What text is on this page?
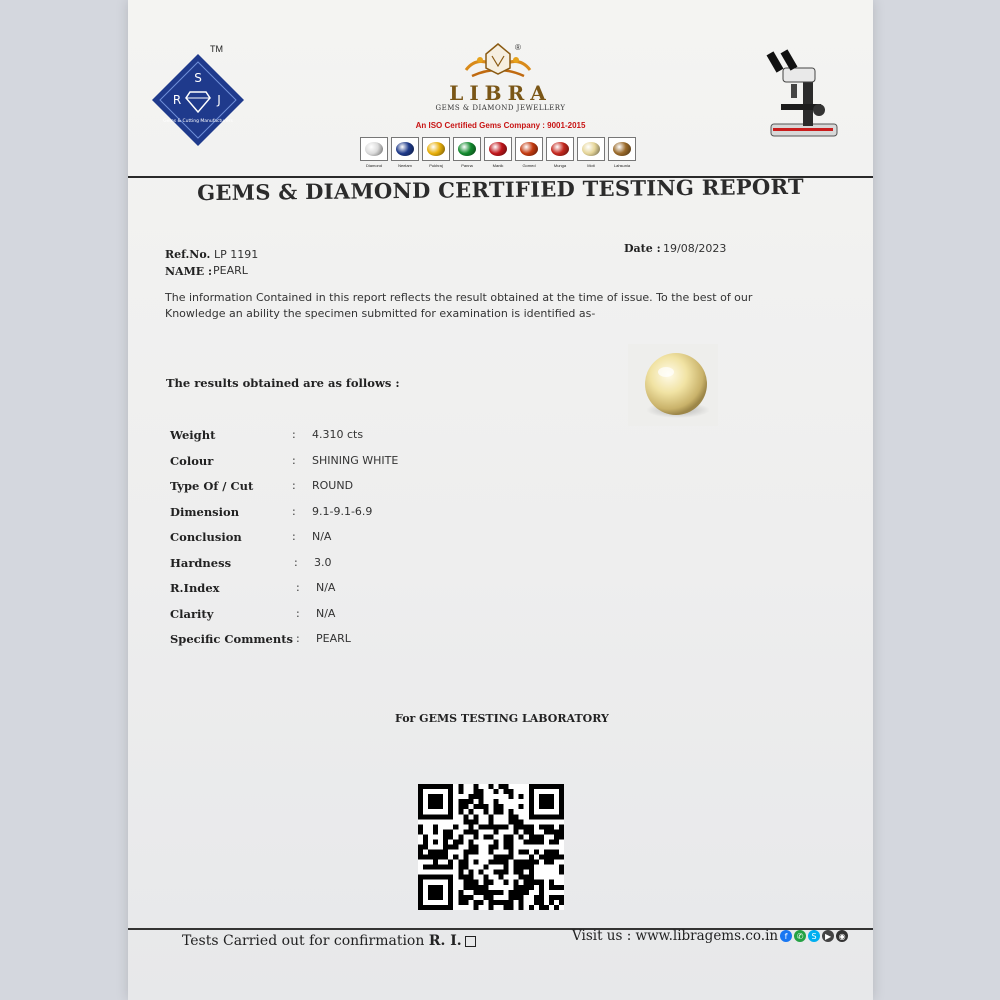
S
R	J
Gems & Cutting Manufacturers
TM	®
LIBRA
GEMS & DIAMOND JEWELLERY
An ISO Certified Gems Company : 9001-2015
Diamond	Neelam	Pukhraj	Panna	Manik	Gomed	Munga	Moti	Lahsunia
GEMS & DIAMOND CERTIFIED TESTING REPORT
Ref.No. LP 1191
NAME : PEARL
Date : 19/08/2023
The information Contained in this report reflects the result obtained at the time of issue. To the best of our Knowledge an ability the specimen submitted for examination is identified as-
The results obtained are as follows :
Weight	: 4.310 cts
Colour	: SHINING WHITE
Type Of / Cut	: ROUND
Dimension	: 9.1-9.1-6.9
Conclusion	: N/A
Hardness	: 3.0
R.Index	: N/A
Clarity	: N/A
Specific Comments : PEARL
For GEMS TESTING LABORATORY
Tests Carried out for confirmation R. I.	Visit us : www.libragems.co.in f	✆	S	▶ ◉
